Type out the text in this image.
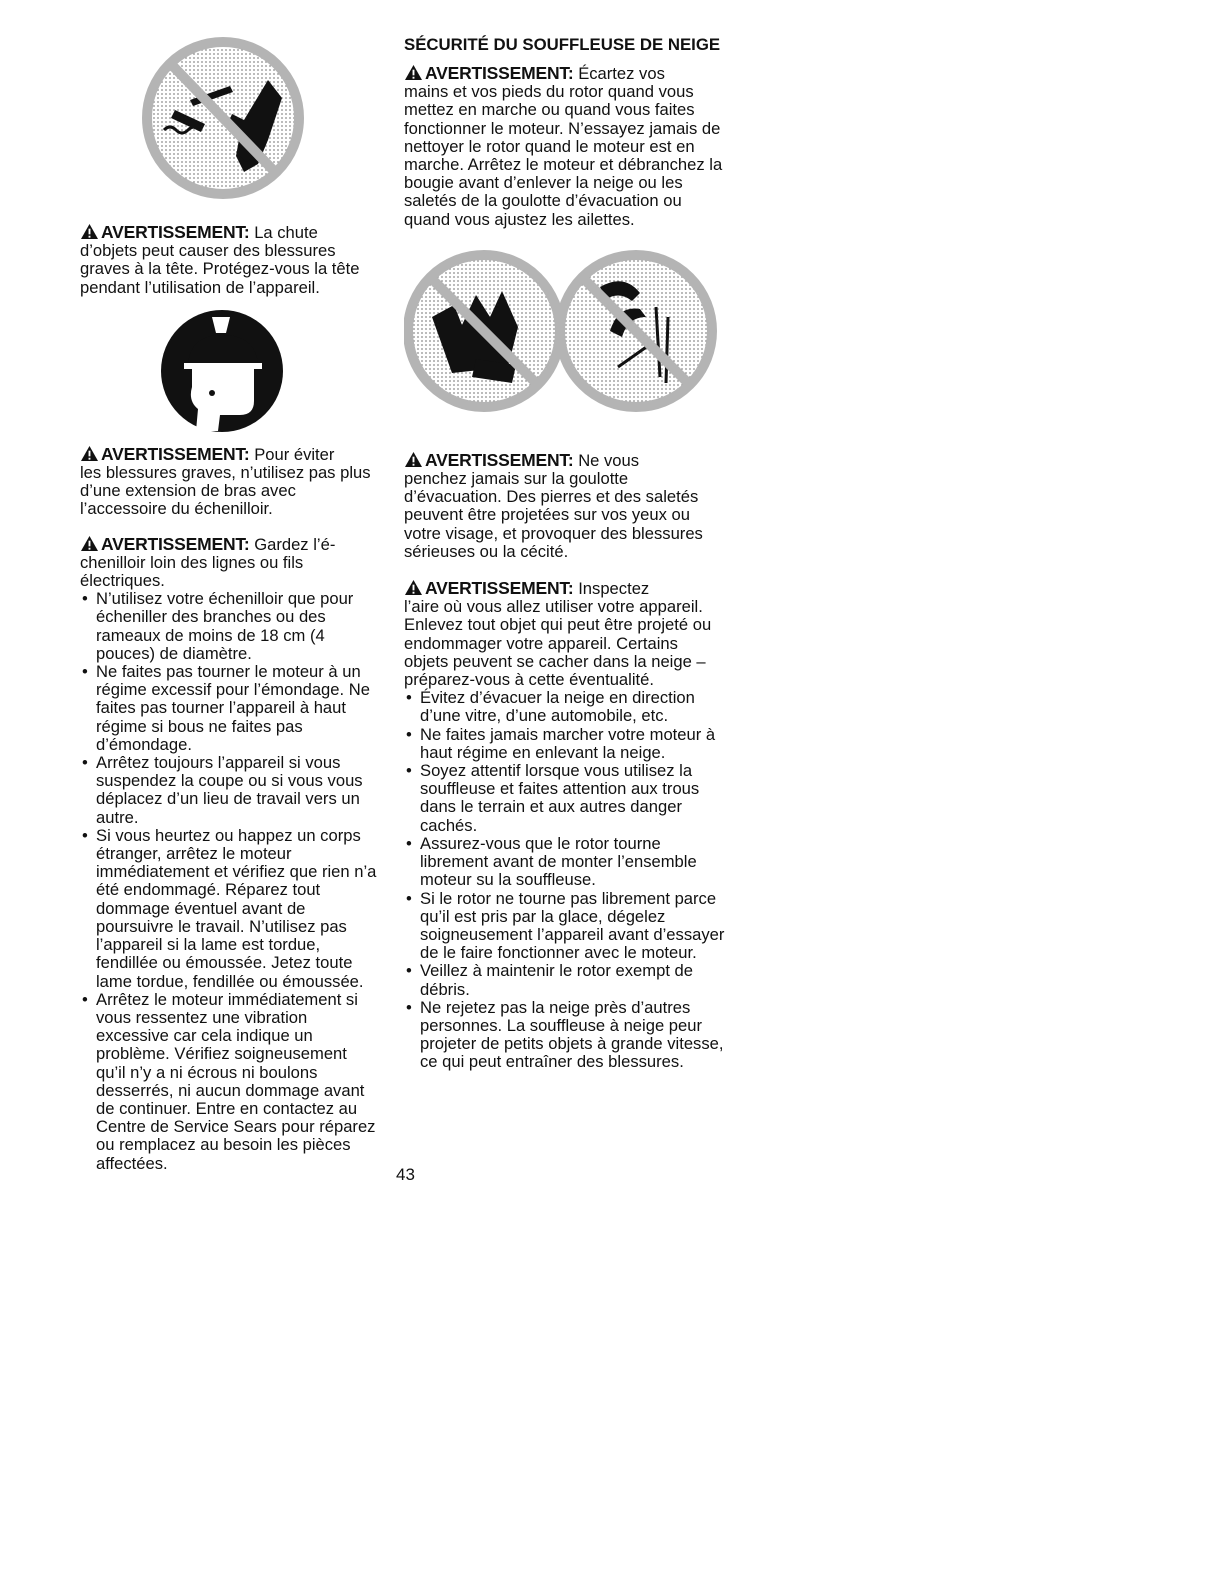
AVERTISSEMENT: La chute
d’objets peut causer des blessures graves à la tête. Protégez-vous la tête pendant l’utilisation de l’appareil.
AVERTISSEMENT: Pour éviter
les blessures graves, n’utilisez pas plus d’une extension de bras avec l’accessoire du échenilloir.
AVERTISSEMENT: Gardez l’é-
chenilloir loin des lignes ou fils électriques.
• N’utilisez votre échenilloir que pour écheniller des branches ou des rameaux de moins de 18 cm (4 pouces) de diamètre.
• Ne faites pas tourner le moteur à un régime excessif pour l’émondage. Ne faites pas tourner l’appareil à haut régime si bous ne faites pas d’émondage.
• Arrêtez toujours l’appareil si vous suspendez la coupe ou si vous vous déplacez d’un lieu de travail vers un autre.
• Si vous heurtez ou happez un corps étranger, arrêtez le moteur immédiatement et vérifiez que rien n’a été endommagé. Réparez tout dommage éventuel avant de poursuivre le travail. N’utilisez pas l’appareil si la lame est tordue, fendillée ou émoussée. Jetez toute lame tordue, fendillée ou émoussée.
• Arrêtez le moteur immédiatement si vous ressentez une vibration excessive car cela indique un problème. Vérifiez soigneusement qu’il n’y a ni écrous ni boulons desserrés, ni aucun dommage avant de continuer. Entre en contactez au Centre de Service Sears pour réparez ou remplacez au besoin les pièces affectées.
SÉCURITÉ DU SOUFFLEUSE DE NEIGE
AVERTISSEMENT: Écartez vos
mains et vos pieds du rotor quand vous mettez en marche ou quand vous faites fonctionner le moteur. N’essayez jamais de nettoyer le rotor quand le moteur est en marche. Arrêtez le moteur et débranchez la bougie avant d’enlever la neige ou les saletés de la goulotte d’évacuation ou quand vous ajustez les ailettes.
AVERTISSEMENT: Ne vous
penchez jamais sur la goulotte d’évacuation. Des pierres et des saletés peuvent être projetées sur vos yeux ou votre visage, et provoquer des blessures sérieuses ou la cécité.
AVERTISSEMENT: Inspectez
l’aire où vous allez utiliser votre appareil. Enlevez tout objet qui peut être projeté ou endommager votre appareil. Certains objets peuvent se cacher dans la neige – préparez-vous à cette éventualité.
• Évitez d’évacuer la neige en direction d’une vitre, d’une automobile, etc.
• Ne faites jamais marcher votre moteur à haut régime en enlevant la neige.
• Soyez attentif lorsque vous utilisez la souffleuse et faites attention aux trous dans le terrain et aux autres danger cachés.
• Assurez-vous que le rotor tourne librement avant de monter l’ensemble moteur su la souffleuse.
• Si le rotor ne tourne pas librement parce qu’il est pris par la glace, dégelez soigneusement l’appareil avant d’essayer de le faire fonctionner avec le moteur.
• Veillez à maintenir le rotor exempt de débris.
• Ne rejetez pas la neige près d’autres personnes. La souffleuse à neige peur projeter de petits objets à grande vitesse, ce qui peut entraîner des blessures.
43
